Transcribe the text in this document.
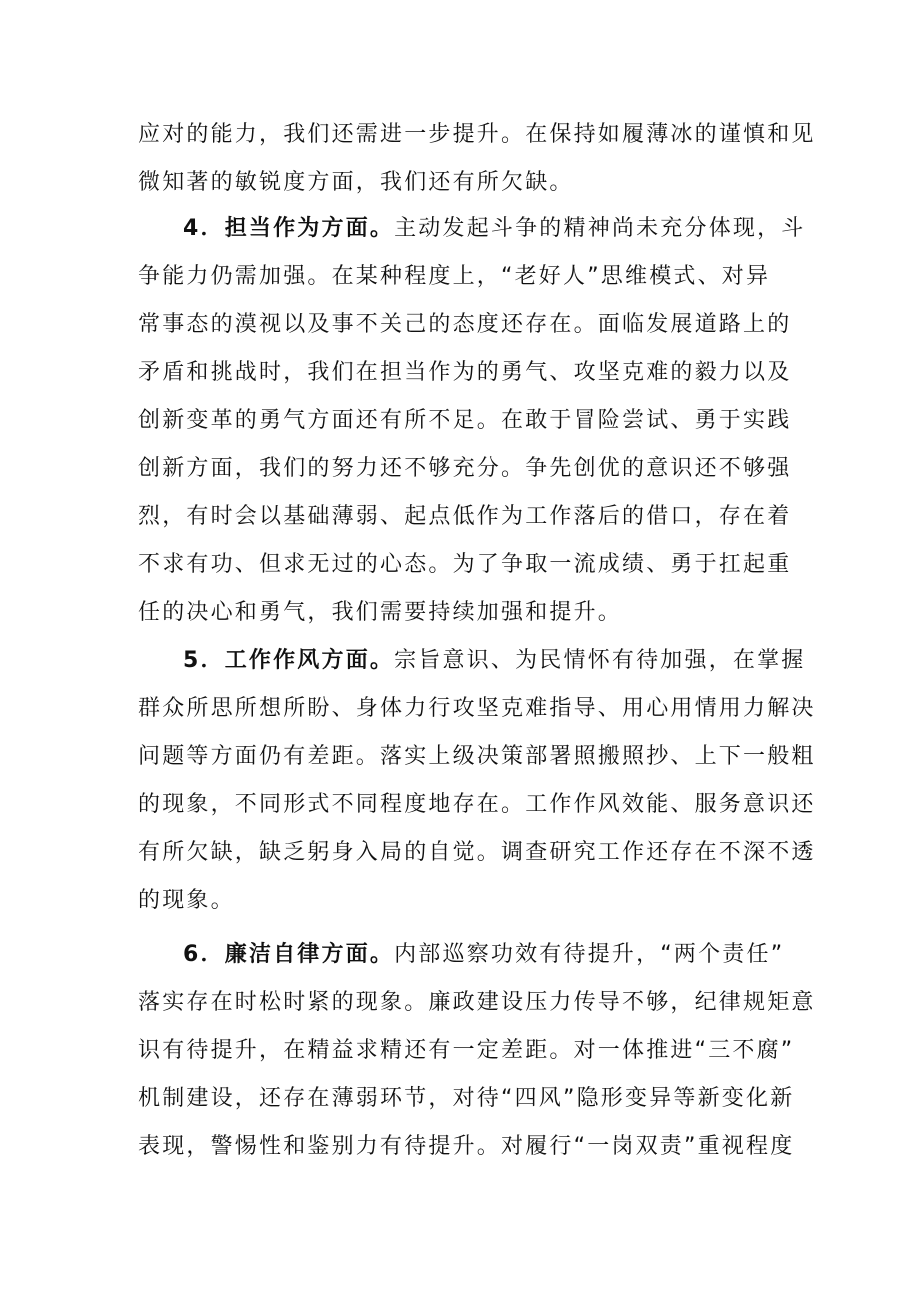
应对的能力，我们还需进一步提升。在保持如履薄冰的谨慎和见
微知著的敏锐度方面，我们还有所欠缺。
4．担当作为方面。主动发起斗争的精神尚未充分体现，斗
争能力仍需加强。在某种程度上，“老好人”思维模式、对异
常事态的漠视以及事不关己的态度还存在。面临发展道路上的
矛盾和挑战时，我们在担当作为的勇气、攻坚克难的毅力以及
创新变革的勇气方面还有所不足。在敢于冒险尝试、勇于实践
创新方面，我们的努力还不够充分。争先创优的意识还不够强
烈，有时会以基础薄弱、起点低作为工作落后的借口，存在着
不求有功、但求无过的心态。为了争取一流成绩、勇于扛起重
任的决心和勇气，我们需要持续加强和提升。
5．工作作风方面。宗旨意识、为民情怀有待加强，在掌握
群众所思所想所盼、身体力行攻坚克难指导、用心用情用力解决
问题等方面仍有差距。落实上级决策部署照搬照抄、上下一般粗
的现象，不同形式不同程度地存在。工作作风效能、服务意识还
有所欠缺，缺乏躬身入局的自觉。调查研究工作还存在不深不透
的现象。
6．廉洁自律方面。内部巡察功效有待提升，“两个责任”
落实存在时松时紧的现象。廉政建设压力传导不够，纪律规矩意
识有待提升，在精益求精还有一定差距。对一体推进“三不腐”
机制建设，还存在薄弱环节，对待“四风”隐形变异等新变化新
表现，警惕性和鉴别力有待提升。对履行“一岗双责”重视程度
